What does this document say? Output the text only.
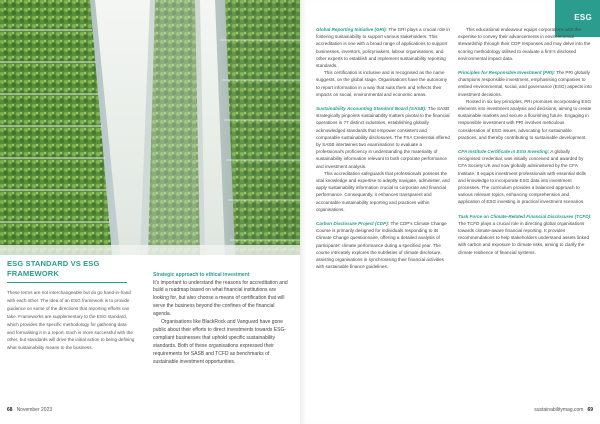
ESG STANDARD VS ESG FRAMEWORK
These terms are not interchangeable but do go hand-in-hand with each other. The idea of an ESG framework is to provide guidance on some of the directions that reporting efforts can take. Frameworks are supplementary to the ESG standard, which provides the specific methodology for gathering data and formalising it in a report. Each is more successful with the other, but standards will drive the initial action to being defining what sustainability means to the business.
Strategic approach to ethical investment

It's important to understand the reasons for accreditation and build a roadmap based on what financial institutions are looking for, but also choose a means of certification that will serve the business beyond the confines of the financial agenda.

Organisations like BlackRock and Vanguard have gone public about their efforts to direct investments towards ESG-compliant businesses that uphold specific sustainability standards. Both of these organisations expressed their requirements for SASB and TCFD as benchmarks of sustainable investment opportunities.

68 November 2023
ESG

Global Reporting Initiative (GRI): The GRI plays a crucial role in fostering sustainability to support various stakeholders. This accreditation is one with a broad range of applications to support businesses, investors, policymakers, labour organisations, and other experts to establish and implement sustainability reporting standards.

This certification is inclusive and is recognised as the name suggests, on the global stage. Organisations have the autonomy to report information in a way that suits them and reflects their impacts on social, environmental and economic areas.

Sustainability Accounting Standard Board (SASB): The SASB strategically pinpoints sustainability matters pivotal to the financial operations in 77 distinct industries, establishing globally acknowledged standards that empower consistent and comparable sustainability disclosures. The FSA Credential offered by SASB intertwines two examinations to evaluate a professional's proficiency in understanding the materiality of sustainability information relevant to both corporate performance and investment analysis.

This accreditation safeguards that professionals possess the vital knowledge and expertise to adeptly navigate, administer, and apply sustainability information crucial to corporate and financial performance. Consequently, it enhances transparent and accountable sustainability reporting and practices within organisations.

Carbon Disclosure Project (CDP): The CDP's Climate Change Course is primarily designed for individuals responding to its Climate Change questionnaire, offering a detailed analysis of participants' climate performance during a specified year. The course intricately explores the subtleties of climate disclosure, assisting organisations in synchronising their financial activities with sustainable finance guidelines.

This educational endeavour equips corporations with the expertise to convey their advancements in environmental stewardship through their CDP responses and may delve into the scoring methodology utilised to evaluate a firm's disclosed environmental impact data.

Principles for Responsible Investment (PRI): The PRI globally champions responsible investment, emphasising companies to embed environmental, social, and governance (ESG) aspects into investment decisions.

Rooted in six key principles, PRI promotes incorporating ESG elements into investment analysis and decisions, aiming to create sustainable markets and secure a flourishing future. Engaging in responsible investment with PRI involves meticulous consideration of ESG issues, advocating for sustainable practices, and thereby contributing to sustainable development.

CFA Institute Certificate in ESG Investing: A globally recognised credential, was initially conceived and awarded by CFA Society UK and now globally administered by the CFA Institute. It equips investment professionals with essential skills and knowledge to incorporate ESG data into investment processes. The curriculum provides a balanced approach to various relevant topics, enhancing comprehension and application of ESG investing in practical investment scenarios.

Task Force on Climate-Related Financial Disclosures (TCFD): The TCFD plays a crucial role in directing global organisations towards climate-aware financial reporting. It provides recommendations to help stakeholders understand assets linked with carbon and exposure to climate risks, aiming to clarify the climate resilience of financial systems.

sustainabilitymag.com 69
